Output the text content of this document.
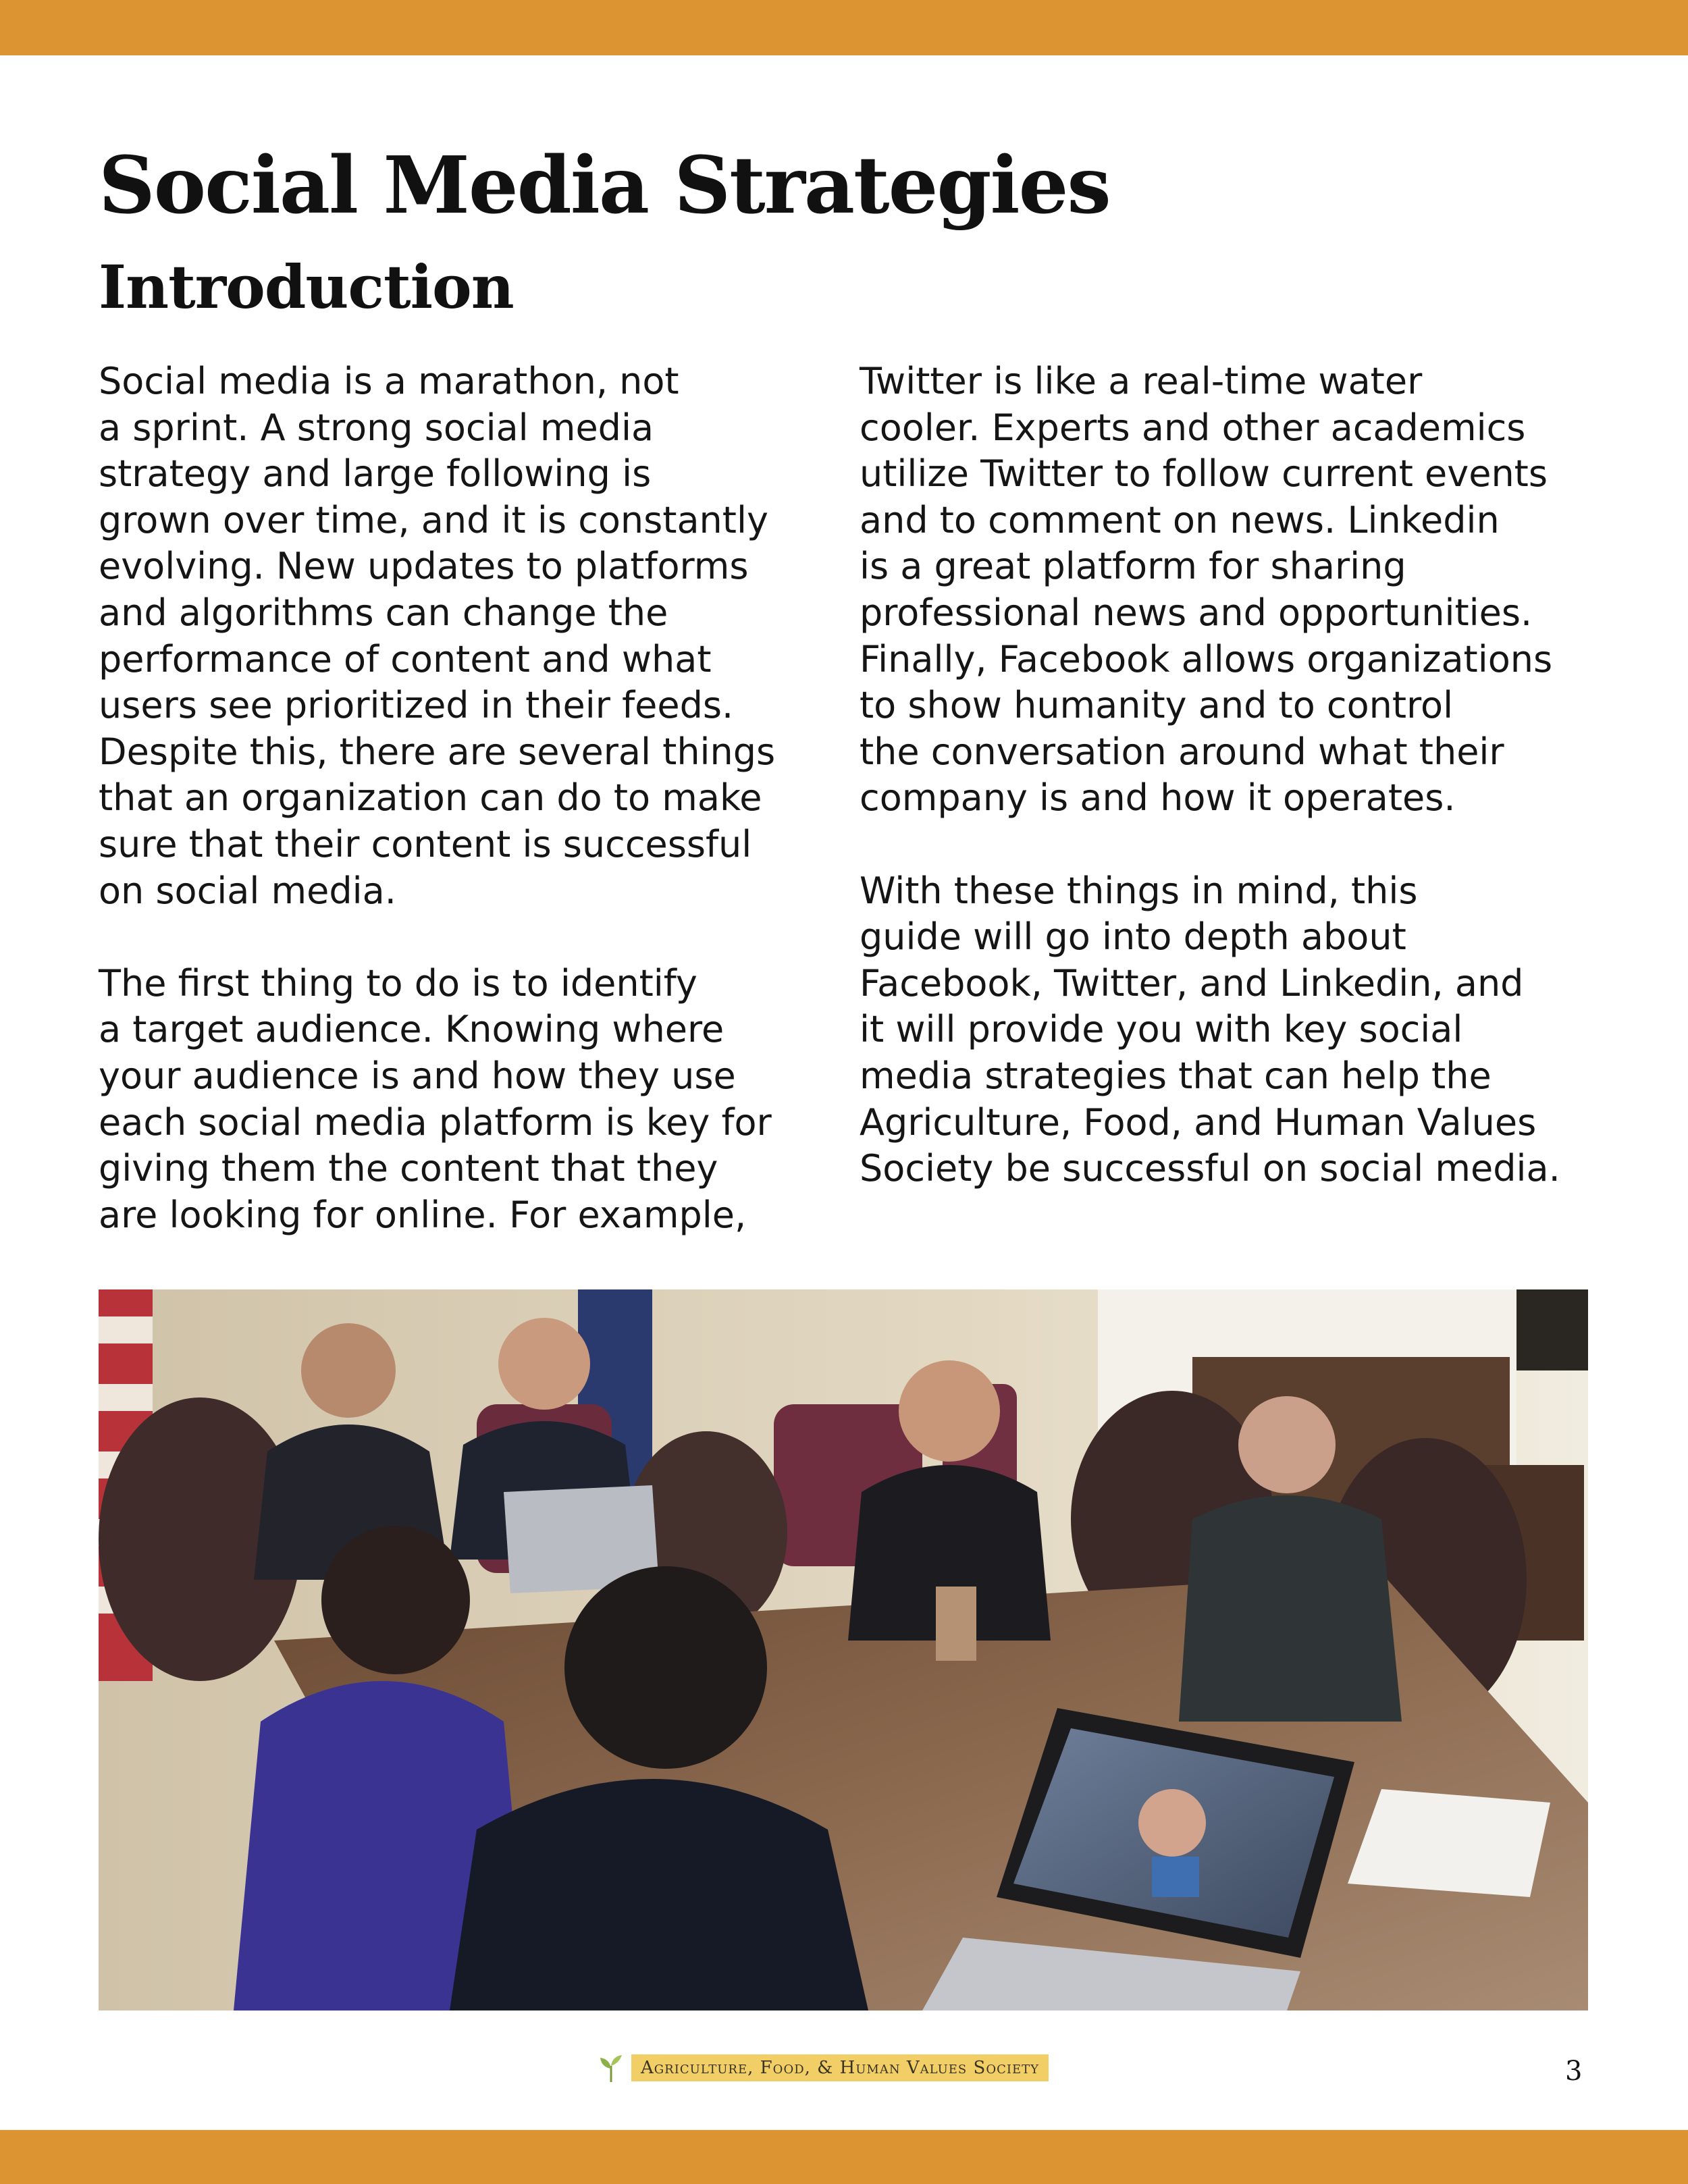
Social Media Strategies
Introduction
Social media is a marathon, not
a sprint. A strong social media
strategy and large following is
grown over time, and it is constantly
evolving. New updates to platforms
and algorithms can change the
performance of content and what
users see prioritized in their feeds.
Despite this, there are several things
that an organization can do to make
sure that their content is successful
on social media.
The first thing to do is to identify
a target audience. Knowing where
your audience is and how they use
each social media platform is key for
giving them the content that they
are looking for online. For example,
Twitter is like a real-time water
cooler. Experts and other academics
utilize Twitter to follow current events
and to comment on news. Linkedin
is a great platform for sharing
professional news and opportunities.
Finally, Facebook allows organizations
to show humanity and to control
the conversation around what their
company is and how it operates.
With these things in mind, this
guide will go into depth about
Facebook, Twitter, and Linkedin, and
it will provide you with key social
media strategies that can help the
Agriculture, Food, and Human Values
Society be successful on social media.
Agriculture, Food, & Human Values Society	3
